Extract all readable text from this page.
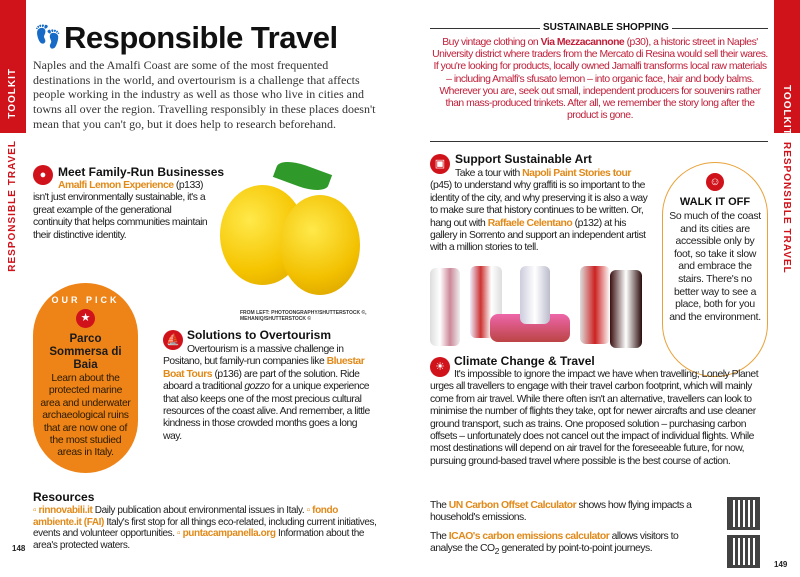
TOOLKIT
RESPONSIBLE TRAVEL
👣 Responsible Travel

Naples and the Amalfi Coast are some of the most frequented destinations in the world, and overtourism is a challenge that affects people working in the industry as well as those who live in cities and towns all over the region. Travelling responsibly in these places doesn't mean that you can't go, but it does help to research beforehand.

● Meet Family-Run Businesses

Amalfi Lemon Experience (p133) isn't just environmentally sustainable, it's a great example of the generational continuity that helps communities maintain their distinctive identity.

FROM LEFT: PHOTOONGRAPHY/SHUTTERSTOCK ©, MEHANIQ/SHUTTERSTOCK ©
OUR PICK
★
Parco Sommersa di Baia
Learn about the protected marine area and underwater archaeological ruins that are now one of the most studied areas in Italy.
⛵ Solutions to Overtourism

Overtourism is a massive challenge in Positano, but family-run companies like Bluestar Boat Tours (p136) are part of the solution. Ride aboard a traditional gozzo for a unique experience that also keeps one of the most precious cultural resources of the coast alive. And remember, a little kindness in those crowded months goes a long way.

Resources

▫ rinnovabili.it Daily publication about environmental issues in Italy. ▫ fondo ambiente.it (FAI) Italy's first stop for all things eco-related, including current initiatives, events and volunteer opportunities. ▫ puntacampanella.org Information about the area's protected waters.

148
TOOLKIT
RESPONSIBLE TRAVEL
SUSTAINABLE SHOPPING

Buy vintage clothing on Via Mezzacannone (p30), a historic street in Naples' University district where traders from the Mercato di Resina would sell their wares. If you're looking for products, locally owned Jamalfi transforms local raw materials – including Amalfi's sfusato lemon – into organic face, hair and body balms. Wherever you are, seek out small, independent producers for souvenirs rather than mass-produced trinkets. After all, we remember the story long after the product is gone.

▣ Support Sustainable Art

Take a tour with Napoli Paint Stories tour (p45) to understand why graffiti is so important to the identity of the city, and why preserving it is also a way to make sure that history continues to be written. Or, hang out with Raffaele Celentano (p132) at his gallery in Sorrento and support an independent artist with a million stories to tell.

☺
WALK IT OFF
So much of the coast and its cities are accessible only by foot, so take it slow and embrace the stairs. There's no better way to see a place, both for you and the environment.
☀ Climate Change & Travel

It's impossible to ignore the impact we have when travelling; Lonely Planet urges all travellers to engage with their travel carbon footprint, which will mainly come from air travel. While there often isn't an alternative, travellers can look to minimise the number of flights they take, opt for newer aircrafts and use cleaner ground transport, such as trains. One proposed solution – purchasing carbon offsets – unfortunately does not cancel out the impact of individual flights. While most destinations will depend on air travel for the foreseeable future, for now, pursuing ground-based travel where possible is the best course of action.

The UN Carbon Offset Calculator shows how flying impacts a household's emissions.

The ICAO's carbon emissions calculator allows visitors to analyse the $CO_2$ generated by point-to-point journeys.

149
